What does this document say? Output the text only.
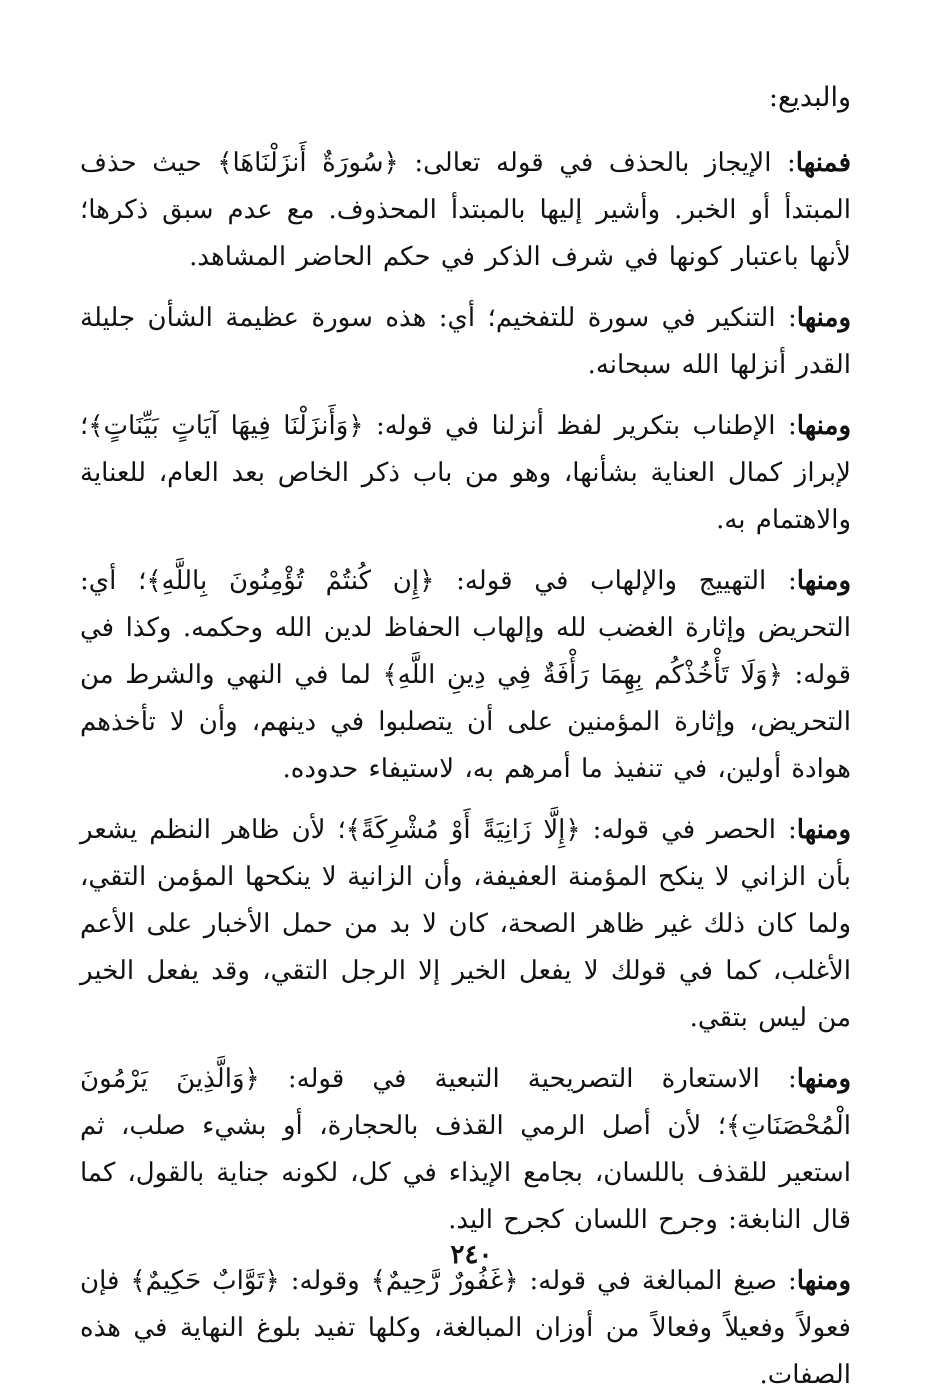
والبديع:

فمنها: الإيجاز بالحذف في قوله تعالى: ﴿سُورَةٌ أَنزَلْنَاهَا﴾ حيث حذف المبتدأ أو الخبر. وأشير إليها بالمبتدأ المحذوف. مع عدم سبق ذكرها؛ لأنها باعتبار كونها في شرف الذكر في حكم الحاضر المشاهد.

ومنها: التنكير في سورة للتفخيم؛ أي: هذه سورة عظيمة الشأن جليلة القدر أنزلها الله سبحانه.

ومنها: الإطناب بتكرير لفظ أنزلنا في قوله: ﴿وَأَنزَلْنَا فِيهَا آيَاتٍ بَيِّنَاتٍ﴾؛ لإبراز كمال العناية بشأنها، وهو من باب ذكر الخاص بعد العام، للعناية والاهتمام به.

ومنها: التهييج والإلهاب في قوله: ﴿إِن كُنتُمْ تُؤْمِنُونَ بِاللَّهِ﴾؛ أي: التحريض وإثارة الغضب لله وإلهاب الحفاظ لدين الله وحكمه. وكذا في قوله: ﴿وَلَا تَأْخُذْكُم بِهِمَا رَأْفَةٌ فِي دِينِ اللَّهِ﴾ لما في النهي والشرط من التحريض، وإثارة المؤمنين على أن يتصلبوا في دينهم، وأن لا تأخذهم هوادة أولين، في تنفيذ ما أمرهم به، لاستيفاء حدوده.

ومنها: الحصر في قوله: ﴿إِلَّا زَانِيَةً أَوْ مُشْرِكَةً﴾؛ لأن ظاهر النظم يشعر بأن الزاني لا ينكح المؤمنة العفيفة، وأن الزانية لا ينكحها المؤمن التقي، ولما كان ذلك غير ظاهر الصحة، كان لا بد من حمل الأخبار على الأعم الأغلب، كما في قولك لا يفعل الخير إلا الرجل التقي، وقد يفعل الخير من ليس بتقي.

ومنها: الاستعارة التصريحية التبعية في قوله: ﴿وَالَّذِينَ يَرْمُونَ الْمُحْصَنَاتِ﴾؛ لأن أصل الرمي القذف بالحجارة، أو بشيء صلب، ثم استعير للقذف باللسان، بجامع الإيذاء في كل، لكونه جناية بالقول، كما قال النابغة: وجرح اللسان كجرح اليد.

ومنها: صيغ المبالغة في قوله: ﴿غَفُورٌ رَّحِيمٌ﴾ وقوله: ﴿تَوَّابٌ حَكِيمٌ﴾ فإن فعولاً وفعيلاً وفعالاً من أوزان المبالغة، وكلها تفيد بلوغ النهاية في هذه الصفات.

٢٤٠
